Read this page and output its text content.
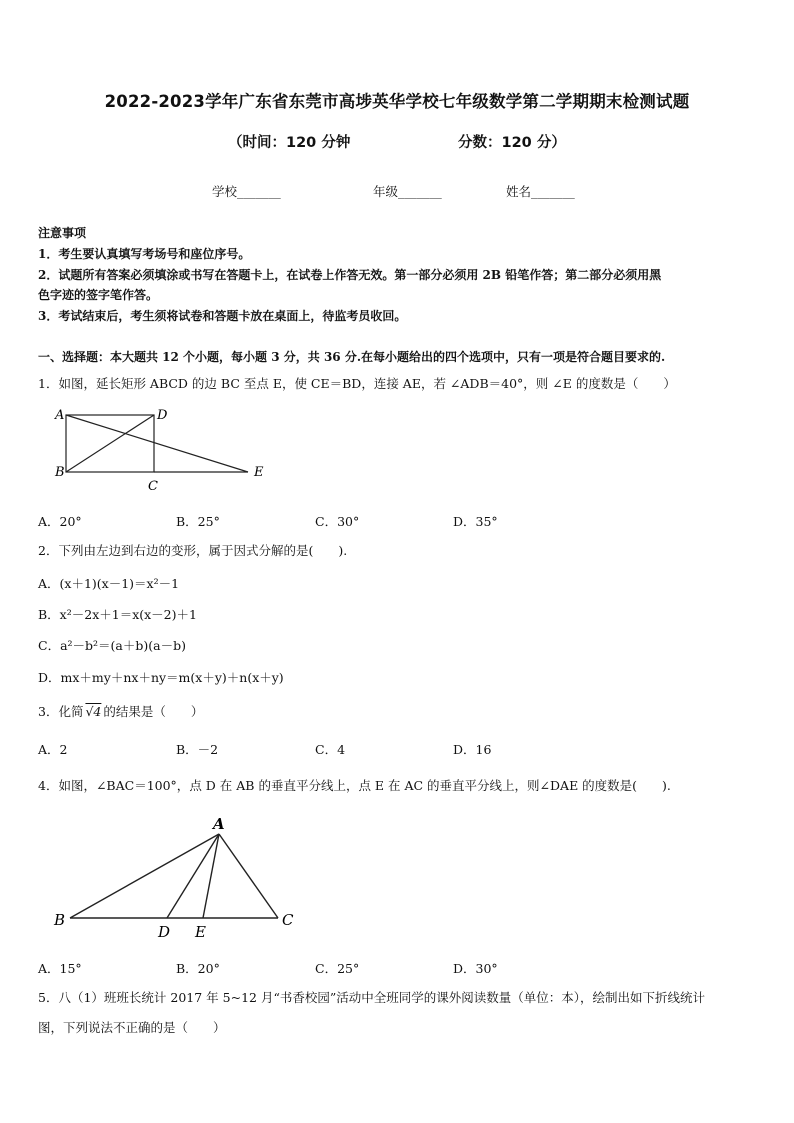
2022-2023学年广东省东莞市高埗英华学校七年级数学第二学期期末检测试题
（时间：120 分钟	分数：120 分）
学校_______	年级_______	姓名_______
注意事项
1．考生要认真填写考场号和座位序号。
2．试题所有答案必须填涂或书写在答题卡上，在试卷上作答无效。第一部分必须用 2B 铅笔作答；第二部分必须用黑
色字迹的签字笔作答。
3．考试结束后，考生须将试卷和答题卡放在桌面上，待监考员收回。
一、选择题：本大题共 12 个小题，每小题 3 分，共 36 分.在每小题给出的四个选项中，只有一项是符合题目要求的.
1．如图，延长矩形 ABCD 的边 BC 至点 E，使 CE＝BD，连接 AE，若 ∠ADB＝40°，则 ∠E 的度数是（　　）
A	D
B
C
E
A．20°	B．25°	C．30°	D．35°
2．下列由左边到右边的变形，属于因式分解的是(　　).
A．(x＋1)(x－1)＝x²－1
B．x²－2x＋1＝x(x－2)＋1
C．a²－b²＝(a＋b)(a－b)
D．mx＋my＋nx＋ny＝m(x＋y)＋n(x＋y)
3．化简 √4 的结果是（　　）
A．2	B．－2	C．4	D．16
4．如图，∠BAC＝100°，点 D 在 AB 的垂直平分线上，点 E 在 AC 的垂直平分线上，则∠DAE 的度数是(　　).
A
B
D E
C
A．15°	B．20°	C．25°	D．30°
5．八（1）班班长统计 2017 年 5~12 月“书香校园”活动中全班同学的课外阅读数量（单位：本），绘制出如下折线统计
图，下列说法不正确的是（　　）
